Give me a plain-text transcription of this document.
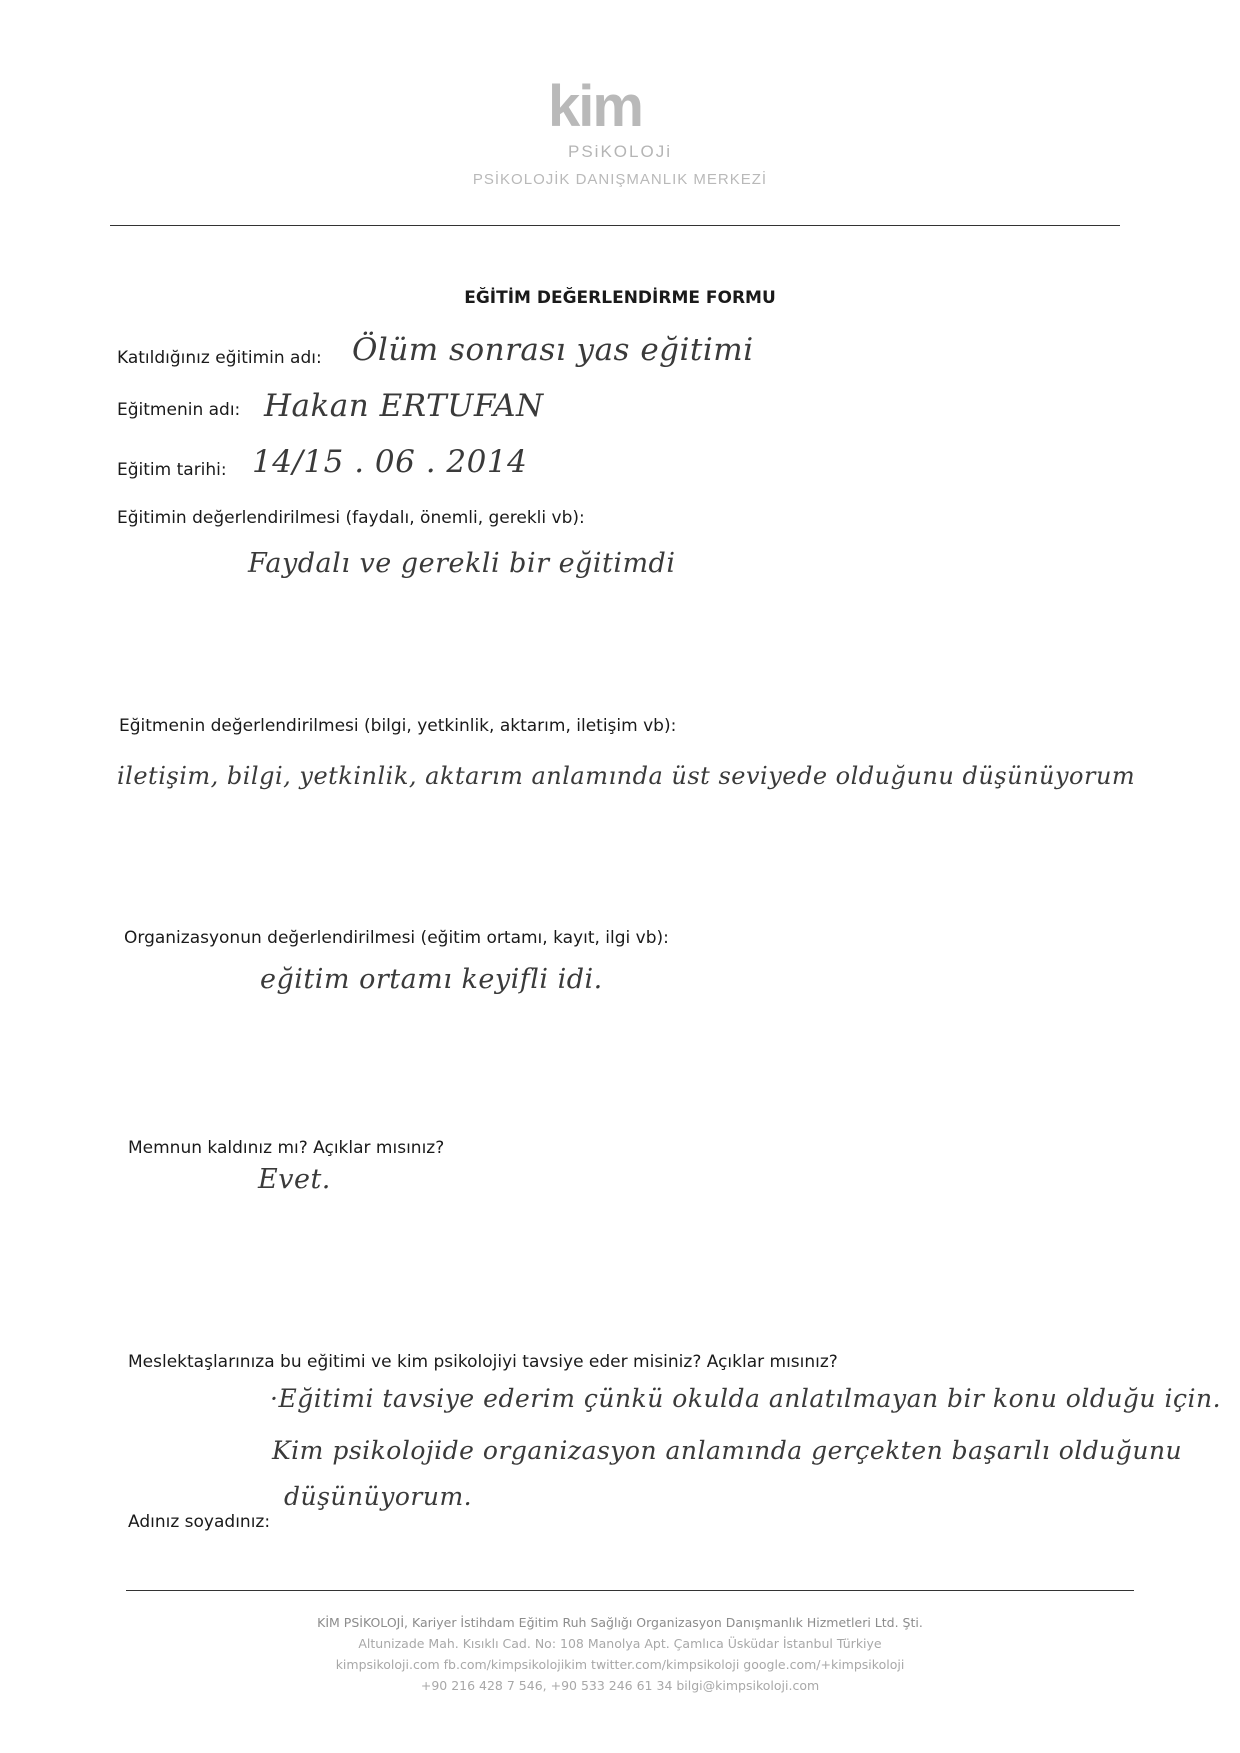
kim
PSiKOLOJi
PSİKOLOJİK DANIŞMANLIK MERKEZİ
EĞİTİM DEĞERLENDİRME FORMU
Katıldığınız eğitimin adı: Ölüm sonrası yas eğitimi
Eğitmenin adı: Hakan ERTUFAN
Eğitim tarihi: 14/15 . 06 . 2014
Eğitimin değerlendirilmesi (faydalı, önemli, gerekli vb):
Faydalı ve gerekli bir eğitimdi
Eğitmenin değerlendirilmesi (bilgi, yetkinlik, aktarım, iletişim vb):
iletişim, bilgi, yetkinlik, aktarım anlamında üst seviyede olduğunu düşünüyorum
Organizasyonun değerlendirilmesi (eğitim ortamı, kayıt, ilgi vb):
eğitim ortamı keyifli idi.
Memnun kaldınız mı? Açıklar mısınız?
Evet.
Meslektaşlarınıza bu eğitimi ve kim psikolojiyi tavsiye eder misiniz? Açıklar mısınız?
·Eğitimi tavsiye ederim çünkü okulda anlatılmayan bir konu olduğu için.
Kim psikolojide organizasyon anlamında gerçekten başarılı olduğunu
düşünüyorum.
Adınız soyadınız:
KİM PSİKOLOJİ, Kariyer İstihdam Eğitim Ruh Sağlığı Organizasyon Danışmanlık Hizmetleri Ltd. Şti.
Altunizade Mah. Kısıklı Cad. No: 108 Manolya Apt. Çamlıca Üsküdar İstanbul Türkiye
kimpsikoloji.com fb.com/kimpsikolojikim twitter.com/kimpsikoloji google.com/+kimpsikoloji
+90 216 428 7 546, +90 533 246 61 34 bilgi@kimpsikoloji.com
